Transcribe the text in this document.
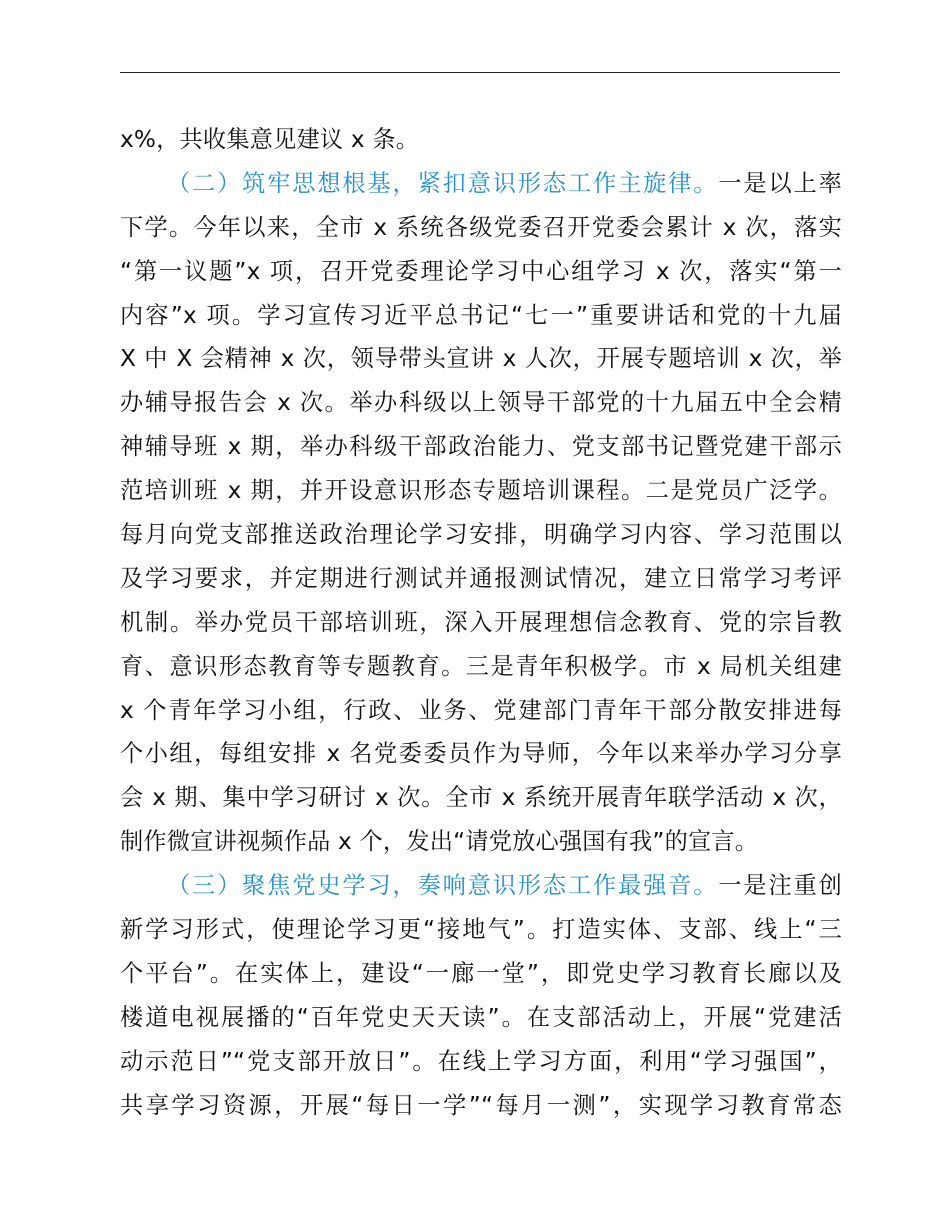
x%，共收集意见建议 x 条。
（二）筑牢思想根基，紧扣意识形态工作主旋律。一是以上率
下学。今年以来，全市 x 系统各级党委召开党委会累计 x 次，落实
“第一议题”x 项，召开党委理论学习中心组学习 x 次，落实“第一
内容”x 项。学习宣传习近平总书记“七一”重要讲话和党的十九届
X 中 X 会精神 x 次，领导带头宣讲 x 人次，开展专题培训 x 次，举
办辅导报告会 x 次。举办科级以上领导干部党的十九届五中全会精
神辅导班 x 期，举办科级干部政治能力、党支部书记暨党建干部示
范培训班 x 期，并开设意识形态专题培训课程。二是党员广泛学。
每月向党支部推送政治理论学习安排，明确学习内容、学习范围以
及学习要求，并定期进行测试并通报测试情况，建立日常学习考评
机制。举办党员干部培训班，深入开展理想信念教育、党的宗旨教
育、意识形态教育等专题教育。三是青年积极学。市 x 局机关组建
x 个青年学习小组，行政、业务、党建部门青年干部分散安排进每
个小组，每组安排 x 名党委委员作为导师，今年以来举办学习分享
会 x 期、集中学习研讨 x 次。全市 x 系统开展青年联学活动 x 次，
制作微宣讲视频作品 x 个，发出“请党放心强国有我”的宣言。
（三）聚焦党史学习，奏响意识形态工作最强音。一是注重创
新学习形式，使理论学习更“接地气”。打造实体、支部、线上“三
个平台”。在实体上，建设“一廊一堂”，即党史学习教育长廊以及
楼道电视展播的“百年党史天天读”。在支部活动上，开展“党建活
动示范日”“党支部开放日”。在线上学习方面，利用“学习强国”，
共享学习资源，开展“每日一学”“每月一测”，实现学习教育常态
